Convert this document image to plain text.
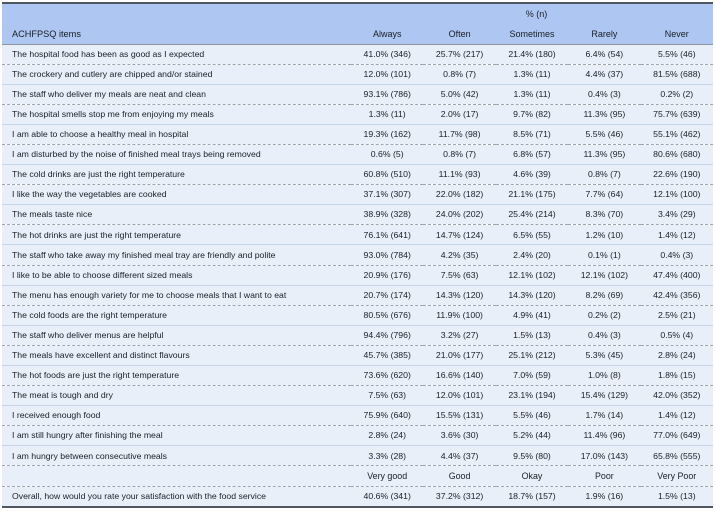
	% (n)				

ACHFPSQ items	Always	Often	Sometimes	Rarely	Never
The hospital food has been as good as I expected	41.0% (346)	25.7% (217)	21.4% (180)	6.4% (54)	5.5% (46)
The crockery and cutlery are chipped and/or stained	12.0% (101)	0.8% (7)	1.3% (11)	4.4% (37)	81.5% (688)
The staff who deliver my meals are neat and clean	93.1% (786)	5.0% (42)	1.3% (11)	0.4% (3)	0.2% (2)
The hospital smells stop me from enjoying my meals	1.3% (11)	2.0% (17)	9.7% (82)	11.3% (95)	75.7% (639)
I am able to choose a healthy meal in hospital	19.3% (162)	11.7% (98)	8.5% (71)	5.5% (46)	55.1% (462)
I am disturbed by the noise of finished meal trays being removed	0.6% (5)	0.8% (7)	6.8% (57)	11.3% (95)	80.6% (680)
The cold drinks are just the right temperature	60.8% (510)	11.1% (93)	4.6% (39)	0.8% (7)	22.6% (190)
I like the way the vegetables are cooked	37.1% (307)	22.0% (182)	21.1% (175)	7.7% (64)	12.1% (100)
The meals taste nice	38.9% (328)	24.0% (202)	25.4% (214)	8.3% (70)	3.4% (29)
The hot drinks are just the right temperature	76.1% (641)	14.7% (124)	6.5% (55)	1.2% (10)	1.4% (12)
The staff who take away my finished meal tray are friendly and polite	93.0% (784)	4.2% (35)	2.4% (20)	0.1% (1)	0.4% (3)
I like to be able to choose different sized meals	20.9% (176)	7.5% (63)	12.1% (102)	12.1% (102)	47.4% (400)
The menu has enough variety for me to choose meals that I want to eat	20.7% (174)	14.3% (120)	14.3% (120)	8.2% (69)	42.4% (356)
The cold foods are the right temperature	80.5% (676)	11.9% (100)	4.9% (41)	0.2% (2)	2.5% (21)
The staff who deliver menus are helpful	94.4% (796)	3.2% (27)	1.5% (13)	0.4% (3)	0.5% (4)
The meals have excellent and distinct flavours	45.7% (385)	21.0% (177)	25.1% (212)	5.3% (45)	2.8% (24)
The hot foods are just the right temperature	73.6% (620)	16.6% (140)	7.0% (59)	1.0% (8)	1.8% (15)
The meat is tough and dry	7.5% (63)	12.0% (101)	23.1% (194)	15.4% (129)	42.0% (352)
I received enough food	75.9% (640)	15.5% (131)	5.5% (46)	1.7% (14)	1.4% (12)
I am still hungry after finishing the meal	2.8% (24)	3.6% (30)	5.2% (44)	11.4% (96)	77.0% (649)
I am hungry between consecutive meals	3.3% (28)	4.4% (37)	9.5% (80)	17.0% (143)	65.8% (555)
	Very good	Good	Okay	Poor	Very Poor
Overall, how would you rate your satisfaction with the food service	40.6% (341)	37.2% (312)	18.7% (157)	1.9% (16)	1.5% (13)
